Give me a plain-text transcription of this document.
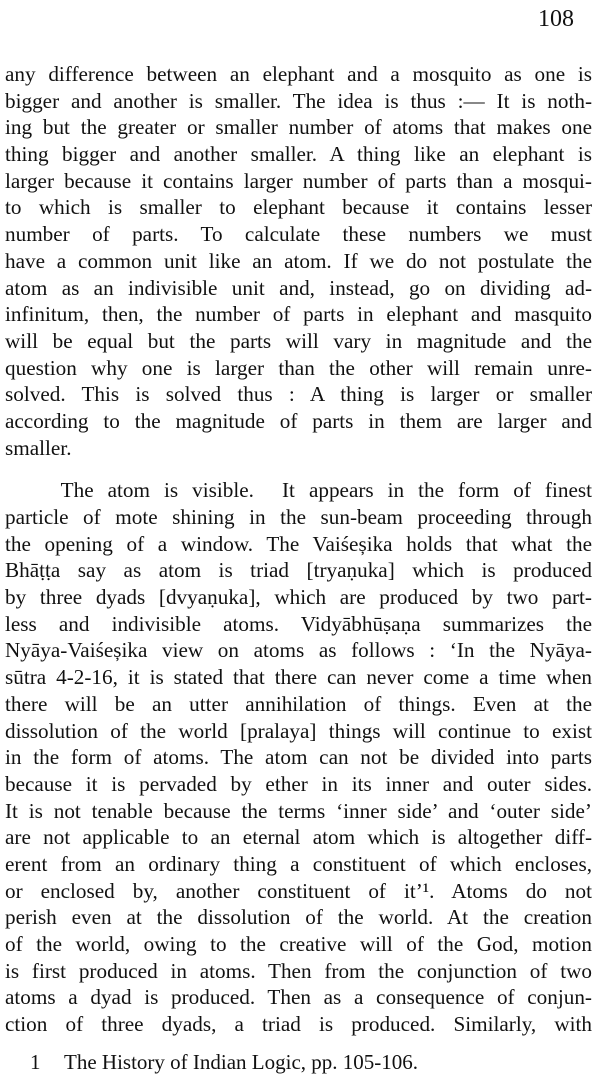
108
any difference between an elephant and a mosquito as one is
bigger and another is smaller. The idea is thus :— It is noth-
ing but the greater or smaller number of atoms that makes one
thing bigger and another smaller. A thing like an elephant is
larger because it contains larger number of parts than a mosqui-
to which is smaller to elephant because it contains lesser
number of parts. To calculate these numbers we must
have a common unit like an atom. If we do not postulate the
atom as an indivisible unit and, instead, go on dividing ad-
infinitum, then, the number of parts in elephant and masquito
will be equal but the parts will vary in magnitude and the
question why one is larger than the other will remain unre-
solved. This is solved thus : A thing is larger or smaller
according to the magnitude of parts in them are larger and
smaller.
The atom is visible.  It appears in the form of finest
particle of mote shining in the sun-beam proceeding through
the opening of a window. The Vaiśeșika holds that what the
Bhāṭṭa say as atom is triad [tryaṇuka] which is produced
by three dyads [dvyaṇuka], which are produced by two part-
less and indivisible atoms. Vidyābhūṣaṇa summarizes the
Nyāya-Vaiśeșika view on atoms as follows : ‘In the Nyāya-
sūtra 4-2-16, it is stated that there can never come a time when
there will be an utter annihilation of things. Even at the
dissolution of the world [pralaya] things will continue to exist
in the form of atoms. The atom can not be divided into parts
because it is pervaded by ether in its inner and outer sides.
It is not tenable because the terms ‘inner side’ and ‘outer side’
are not applicable to an eternal atom which is altogether diff-
erent from an ordinary thing a constituent of which encloses,
or enclosed by, another constituent of it’¹. Atoms do not
perish even at the dissolution of the world. At the creation
of the world, owing to the creative will of the God, motion
is first produced in atoms. Then from the conjunction of two
atoms a dyad is produced. Then as a consequence of conjun-
ction of three dyads, a triad is produced. Similarly, with
1 The History of Indian Logic, pp. 105-106.
